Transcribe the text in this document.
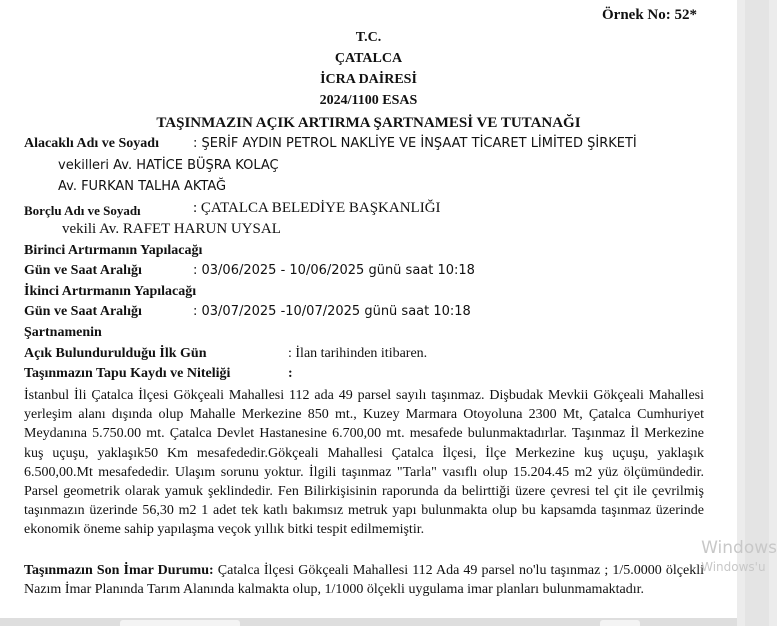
Örnek No: 52*
T.C.
ÇATALCA
İCRA DAİRESİ
2024/1100 ESAS
TAŞINMAZIN AÇIK ARTIRMA ŞARTNAMESİ VE TUTANAĞI
Alacaklı Adı ve Soyadı	: ŞERİF AYDIN PETROL NAKLİYE VE İNŞAAT TİCARET LİMİTED ŞİRKETİ
vekilleri Av. HATİCE BÜŞRA KOLAÇ
Av. FURKAN TALHA AKTAĞ
Borçlu Adı ve Soyadı	: ÇATALCA BELEDİYE BAŞKANLIĞI
vekili Av. RAFET HARUN UYSAL
Birinci Artırmanın Yapılacağı
Gün ve Saat Aralığı	: 03/06/2025 - 10/06/2025 günü saat 10:18
İkinci Artırmanın Yapılacağı
Gün ve Saat Aralığı	: 03/07/2025 -10/07/2025 günü saat 10:18
Şartnamenin
Açık Bulundurulduğu İlk Gün	: İlan tarihinden itibaren.
Taşınmazın Tapu Kaydı ve Niteliği	:
İstanbul İli Çatalca İlçesi Gökçeali Mahallesi 112 ada 49 parsel sayılı taşınmaz. Dişbudak Mevkii Gökçeali Mahallesi yerleşim alanı dışında olup Mahalle Merkezine 850 mt., Kuzey Marmara Otoyoluna 2300 Mt, Çatalca Cumhuriyet Meydanına 5.750.00 mt. Çatalca Devlet Hastanesine 6.700,00 mt. mesafede bulunmaktadırlar. Taşınmaz İl Merkezine kuş uçuşu, yaklaşık50 Km mesafededir.Gökçeali Mahallesi Çatalca İlçesi, İlçe Merkezine kuş uçuşu, yaklaşık 6.500,00.Mt mesafededir. Ulaşım sorunu yoktur. İlgili taşınmaz "Tarla" vasıflı olup 15.204.45 m2 yüz ölçümündedir. Parsel geometrik olarak yamuk şeklindedir. Fen Bilirkişisinin raporunda da belirttiği üzere çevresi tel çit ile çevrilmiş taşınmazın üzerinde 56,30 m2 1 adet tek katlı bakımsız metruk yapı bulunmakta olup bu kapsamda taşınmaz üzerinde ekonomik öneme sahip yapılaşma veçok yıllık bitki tespit edilmemiştir.
Taşınmazın Son İmar Durumu: Çatalca İlçesi Gökçeali Mahallesi 112 Ada 49 parsel no'lu taşınmaz ; 1/5.0000 ölçekli Nazım İmar Planında Tarım Alanında kalmakta olup, 1/1000 ölçekli uygulama imar planları bulunmamaktadır.
Windows
Windows'u
